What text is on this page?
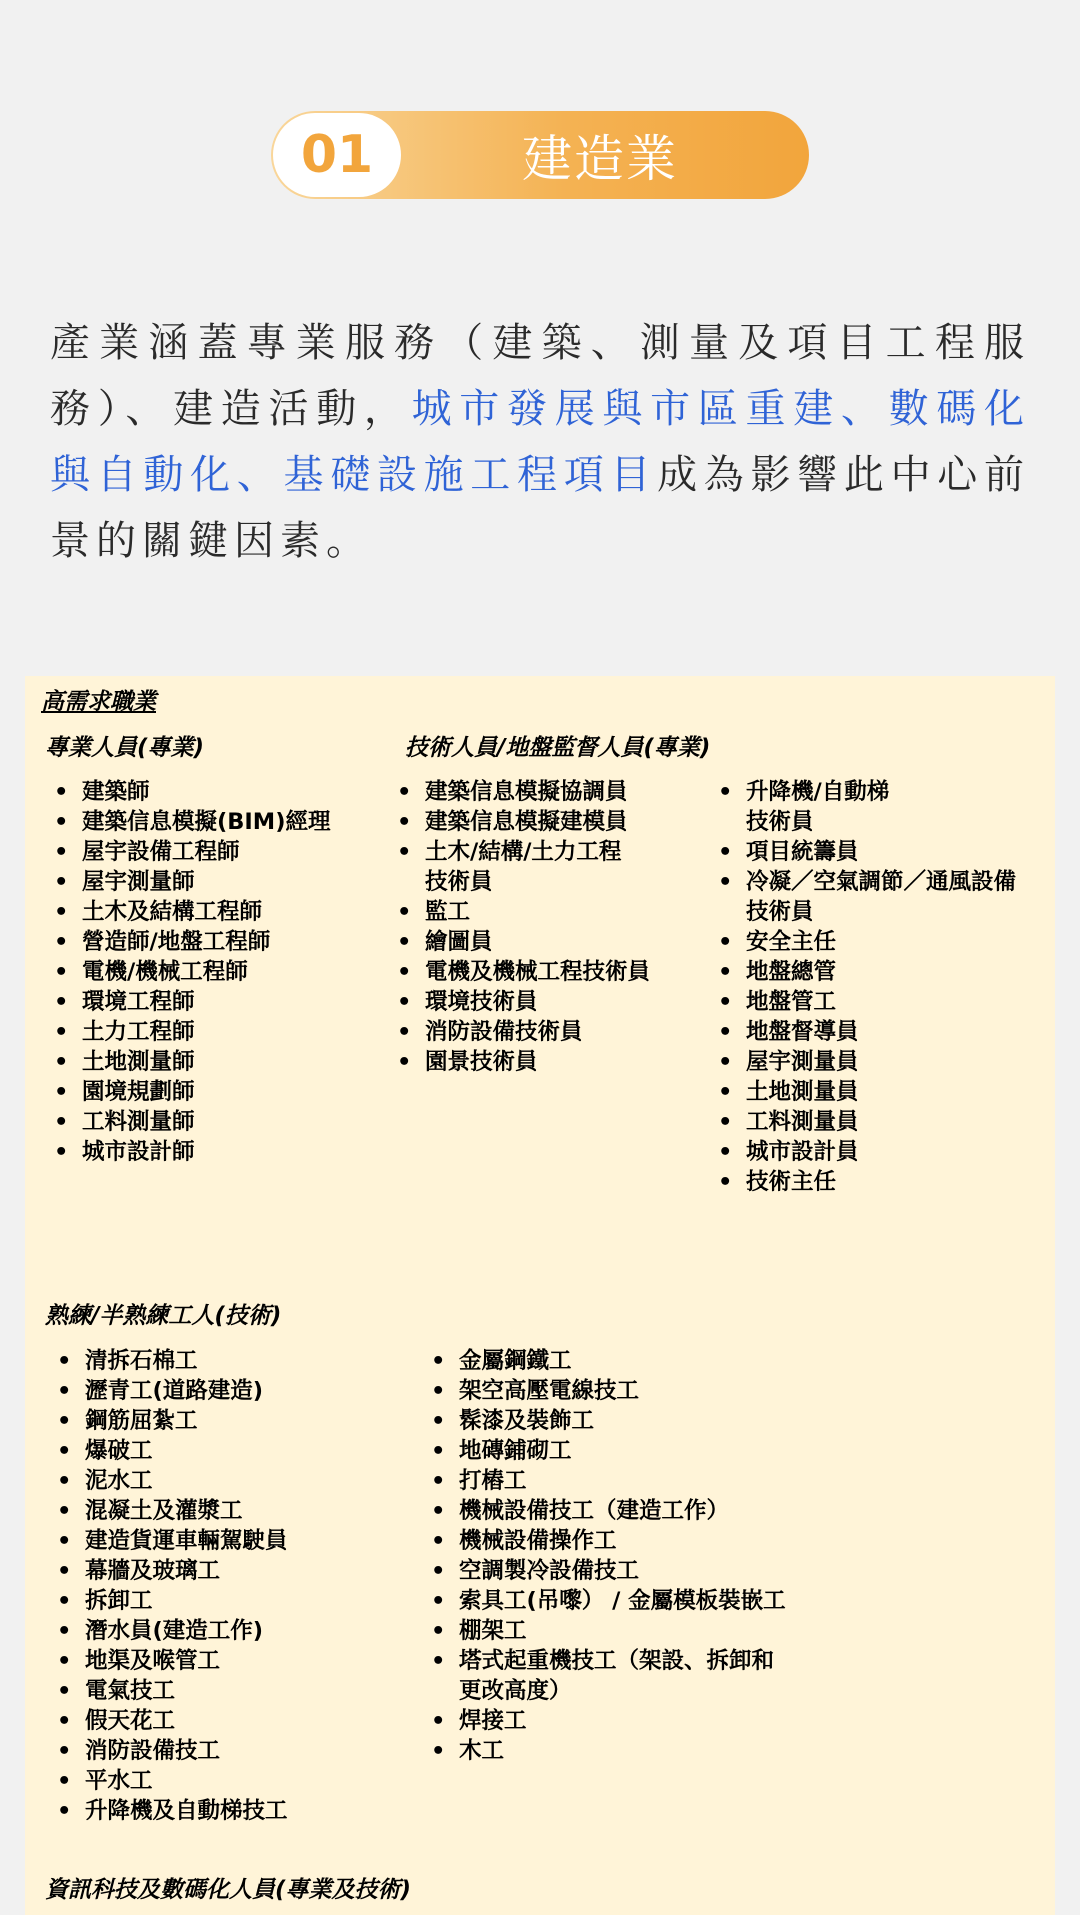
01	建造業

產業涵蓋專業服務（建築、測量及項目工程服務）、建造活動，城市發展與市區重建、數碼化與自動化、基礎設施工程項目成為影響此中心前景的關鍵因素。

高需求職業
專業人員(專業)
• 建築師
• 建築信息模擬(BIM)經理
• 屋宇設備工程師
• 屋宇測量師
• 土木及結構工程師
• 營造師/地盤工程師
• 電機/機械工程師
• 環境工程師
• 土力工程師
• 土地測量師
• 園境規劃師
• 工料測量師
• 城市設計師
技術人員/地盤監督人員(專業)
• 建築信息模擬協調員
• 建築信息模擬建模員
• 土木/結構/土力工程
技術員
• 監工
• 繪圖員
• 電機及機械工程技術員
• 環境技術員
• 消防設備技術員
• 園景技術員
• 升降機/自動梯
技術員
• 項目統籌員
• 冷凝／空氣調節／通風設備
技術員
• 安全主任
• 地盤總管
• 地盤管工
• 地盤督導員
• 屋宇測量員
• 土地測量員
• 工料測量員
• 城市設計員
• 技術主任
熟練/半熟練工人(技術)
• 清拆石棉工
• 瀝青工(道路建造)
• 鋼筋屈紮工
• 爆破工
• 泥水工
• 混凝土及灌漿工
• 建造貨運車輛駕駛員
• 幕牆及玻璃工
• 拆卸工
• 潛水員(建造工作)
• 地渠及喉管工
• 電氣技工
• 假天花工
• 消防設備技工
• 平水工
• 升降機及自動梯技工
• 金屬鋼鐵工
• 架空高壓電線技工
• 髹漆及裝飾工
• 地磚鋪砌工
• 打樁工
• 機械設備技工（建造工作）
• 機械設備操作工
• 空調製冷設備技工
• 索具工(吊嚟） / 金屬模板裝嵌工
• 棚架工
• 塔式起重機技工（架設、拆卸和
更改高度）
• 焊接工
• 木工
資訊科技及數碼化人員(專業及技術)
